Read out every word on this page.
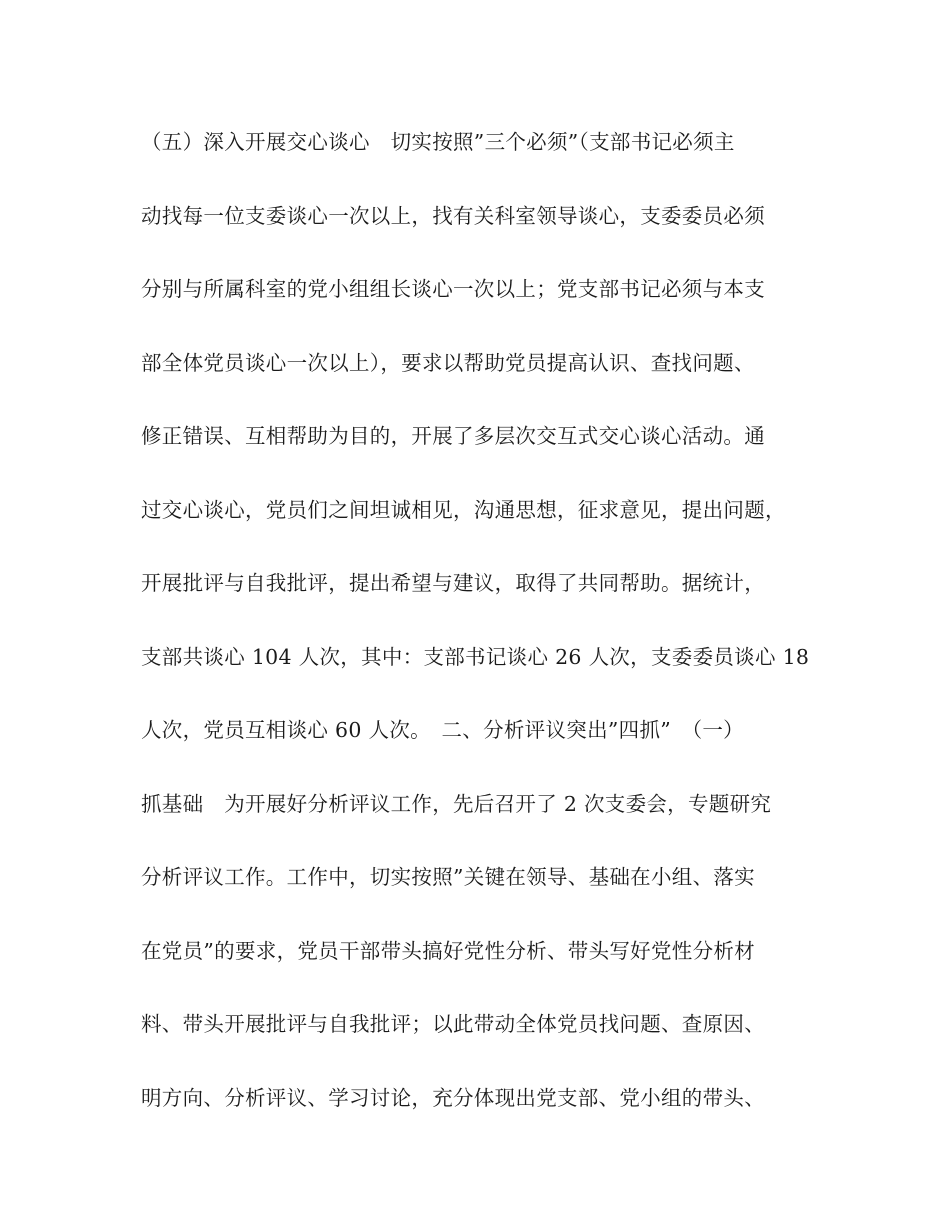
（五）深入开展交心谈心　切实按照”三个必须”（支部书记必须主
动找每一位支委谈心一次以上，找有关科室领导谈心，支委委员必须
分别与所属科室的党小组组长谈心一次以上；党支部书记必须与本支
部全体党员谈心一次以上），要求以帮助党员提高认识、查找问题、
修正错误、互相帮助为目的，开展了多层次交互式交心谈心活动。通
过交心谈心，党员们之间坦诚相见，沟通思想，征求意见，提出问题，
开展批评与自我批评，提出希望与建议，取得了共同帮助。据统计，
支部共谈心 104 人次，其中：支部书记谈心 26 人次，支委委员谈心 18
人次，党员互相谈心 60 人次。　二、分析评议突出”四抓”　（一）
抓基础　为开展好分析评议工作，先后召开了 2 次支委会，专题研究
分析评议工作。工作中，切实按照”关键在领导、基础在小组、落实
在党员”的要求，党员干部带头搞好党性分析、带头写好党性分析材
料、带头开展批评与自我批评；以此带动全体党员找问题、查原因、
明方向、分析评议、学习讨论，充分体现出党支部、党小组的带头、
